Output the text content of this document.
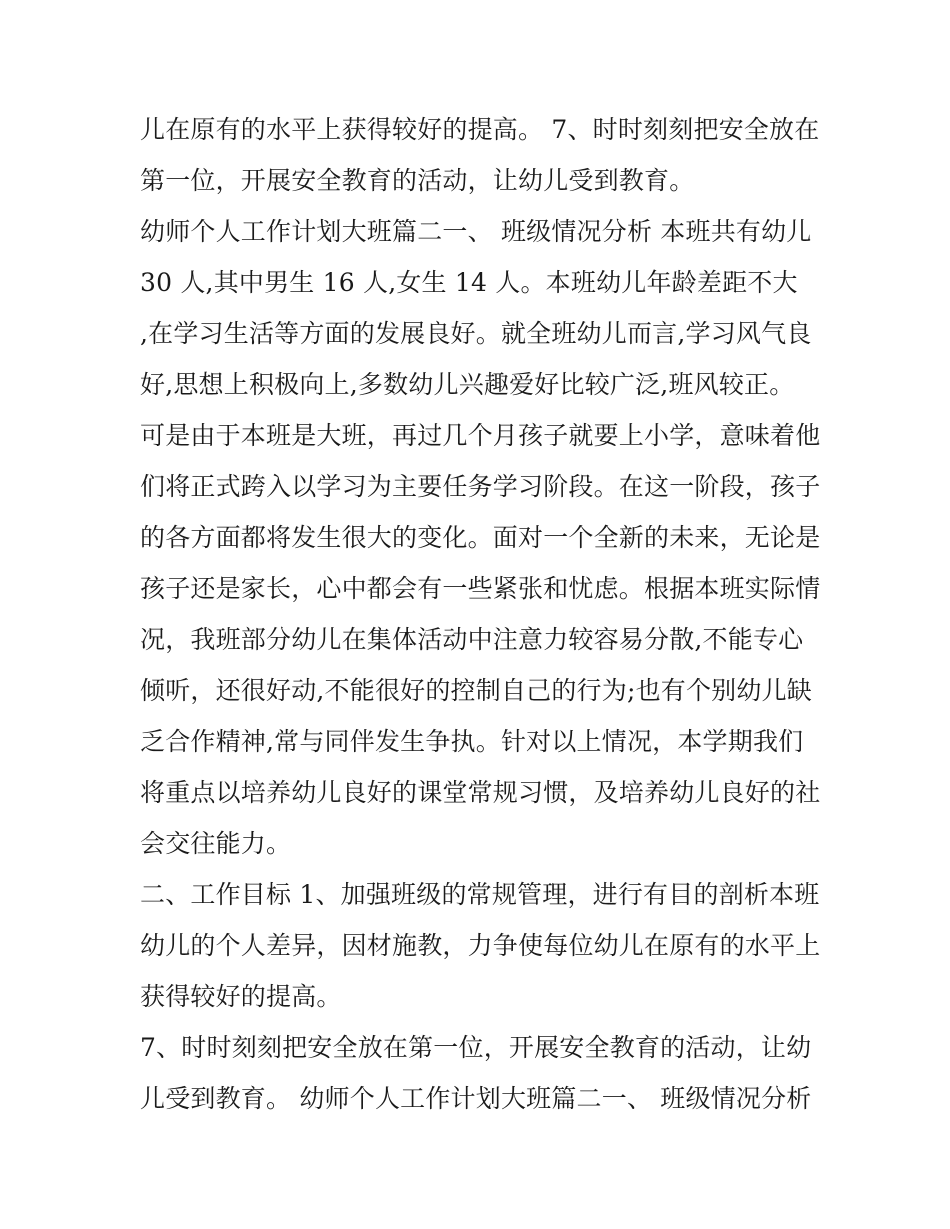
儿在原有的水平上获得较好的提高。 7、时时刻刻把安全放在
第一位，开展安全教育的活动，让幼儿受到教育。
幼师个人工作计划大班篇二一、 班级情况分析 本班共有幼儿
30 人,其中男生 16 人,女生 14 人。本班幼儿年龄差距不大
,在学习生活等方面的发展良好。就全班幼儿而言,学习风气良
好,思想上积极向上,多数幼儿兴趣爱好比较广泛,班风较正。
可是由于本班是大班，再过几个月孩子就要上小学，意味着他
们将正式跨入以学习为主要任务学习阶段。在这一阶段，孩子
的各方面都将发生很大的变化。面对一个全新的未来，无论是
孩子还是家长，心中都会有一些紧张和忧虑。根据本班实际情
况，我班部分幼儿在集体活动中注意力较容易分散,不能专心
倾听，还很好动,不能很好的控制自己的行为;也有个别幼儿缺
乏合作精神,常与同伴发生争执。针对以上情况，本学期我们
将重点以培养幼儿良好的课堂常规习惯，及培养幼儿良好的社
会交往能力。
二、工作目标 1、加强班级的常规管理，进行有目的剖析本班
幼儿的个人差异，因材施教，力争使每位幼儿在原有的水平上
获得较好的提高。
7、时时刻刻把安全放在第一位，开展安全教育的活动，让幼
儿受到教育。 幼师个人工作计划大班篇二一、 班级情况分析
